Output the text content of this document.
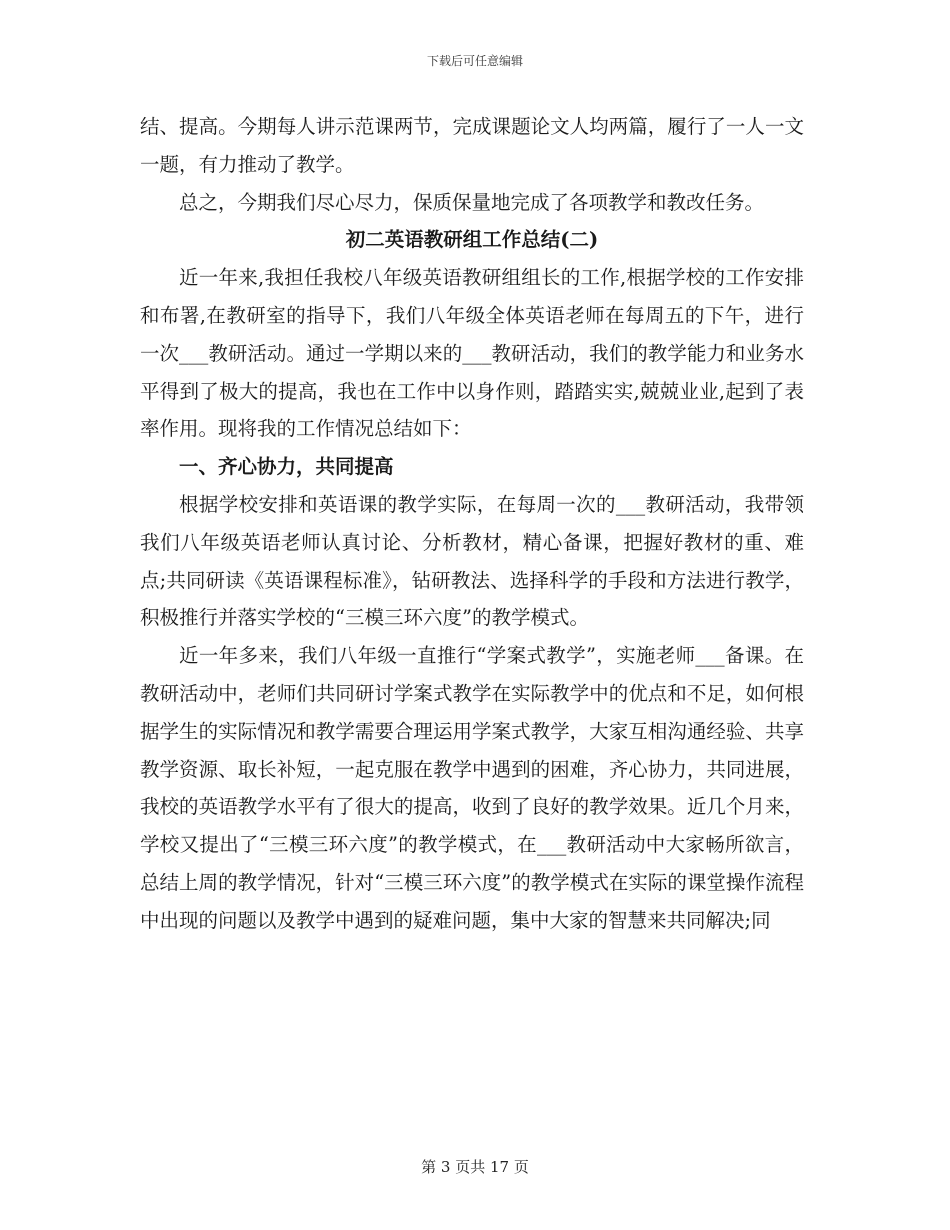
下载后可任意编辑

结、提高。今期每人讲示范课两节，完成课题论文人均两篇，履行了一人一文一题，有力推动了教学。

总之，今期我们尽心尽力，保质保量地完成了各项教学和教改任务。

初二英语教研组工作总结(二)

近一年来,我担任我校八年级英语教研组组长的工作,根据学校的工作安排和布署,在教研室的指导下，我们八年级全体英语老师在每周五的下午，进行一次___教研活动。通过一学期以来的___教研活动，我们的教学能力和业务水平得到了极大的提高，我也在工作中以身作则，踏踏实实,兢兢业业,起到了表率作用。现将我的工作情况总结如下：

一、齐心协力，共同提高

根据学校安排和英语课的教学实际，在每周一次的___教研活动，我带领我们八年级英语老师认真讨论、分析教材，精心备课，把握好教材的重、难点;共同研读《英语课程标准》，钻研教法、选择科学的手段和方法进行教学，积极推行并落实学校的“三模三环六度”的教学模式。

近一年多来，我们八年级一直推行“学案式教学”，实施老师___备课。在教研活动中，老师们共同研讨学案式教学在实际教学中的优点和不足，如何根据学生的实际情况和教学需要合理运用学案式教学，大家互相沟通经验、共享教学资源、取长补短，一起克服在教学中遇到的困难，齐心协力，共同进展，我校的英语教学水平有了很大的提高，收到了良好的教学效果。近几个月来，学校又提出了“三模三环六度”的教学模式，在___教研活动中大家畅所欲言，总结上周的教学情况，针对“三模三环六度”的教学模式在实际的课堂操作流程中出现的问题以及教学中遇到的疑难问题，集中大家的智慧来共同解决;同

第 3 页共 17 页
